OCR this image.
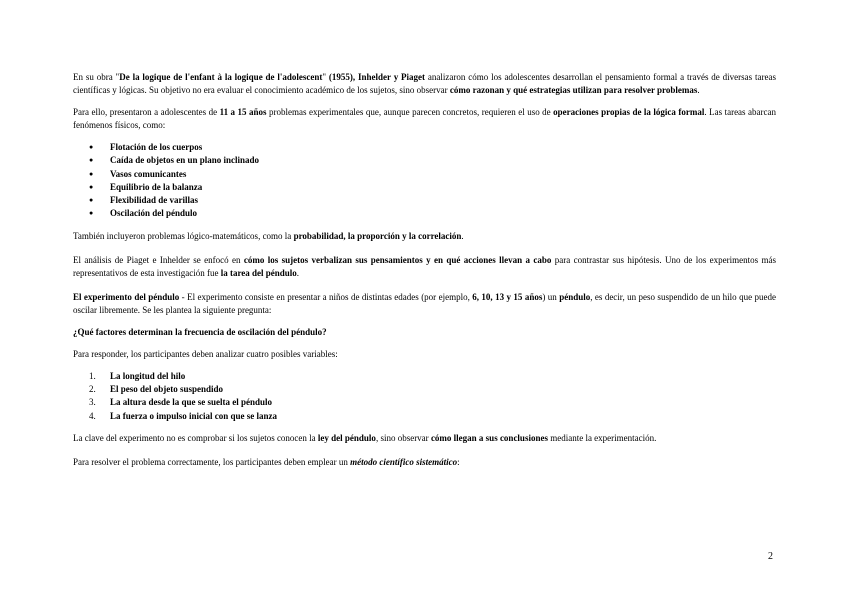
En su obra "De la logique de l'enfant à la logique de l'adolescent" (1955), Inhelder y Piaget analizaron cómo los adolescentes desarrollan el pensamiento formal a través de diversas tareas científicas y lógicas. Su objetivo no era evaluar el conocimiento académico de los sujetos, sino observar cómo razonan y qué estrategias utilizan para resolver problemas.

Para ello, presentaron a adolescentes de 11 a 15 años problemas experimentales que, aunque parecen concretos, requieren el uso de operaciones propias de la lógica formal. Las tareas abarcan fenómenos físicos, como:

● Flotación de los cuerpos
● Caída de objetos en un plano inclinado
● Vasos comunicantes
● Equilibrio de la balanza
● Flexibilidad de varillas
● Oscilación del péndulo

También incluyeron problemas lógico-matemáticos, como la probabilidad, la proporción y la correlación.

El análisis de Piaget e Inhelder se enfocó en cómo los sujetos verbalizan sus pensamientos y en qué acciones llevan a cabo para contrastar sus hipótesis. Uno de los experimentos más representativos de esta investigación fue la tarea del péndulo.

El experimento del péndulo - El experimento consiste en presentar a niños de distintas edades (por ejemplo, 6, 10, 13 y 15 años) un péndulo, es decir, un peso suspendido de un hilo que puede oscilar libremente. Se les plantea la siguiente pregunta:

¿Qué factores determinan la frecuencia de oscilación del péndulo?

Para responder, los participantes deben analizar cuatro posibles variables:

1. La longitud del hilo
2. El peso del objeto suspendido
3. La altura desde la que se suelta el péndulo
4. La fuerza o impulso inicial con que se lanza

La clave del experimento no es comprobar si los sujetos conocen la ley del péndulo, sino observar cómo llegan a sus conclusiones mediante la experimentación.

Para resolver el problema correctamente, los participantes deben emplear un método científico sistemático:

2
